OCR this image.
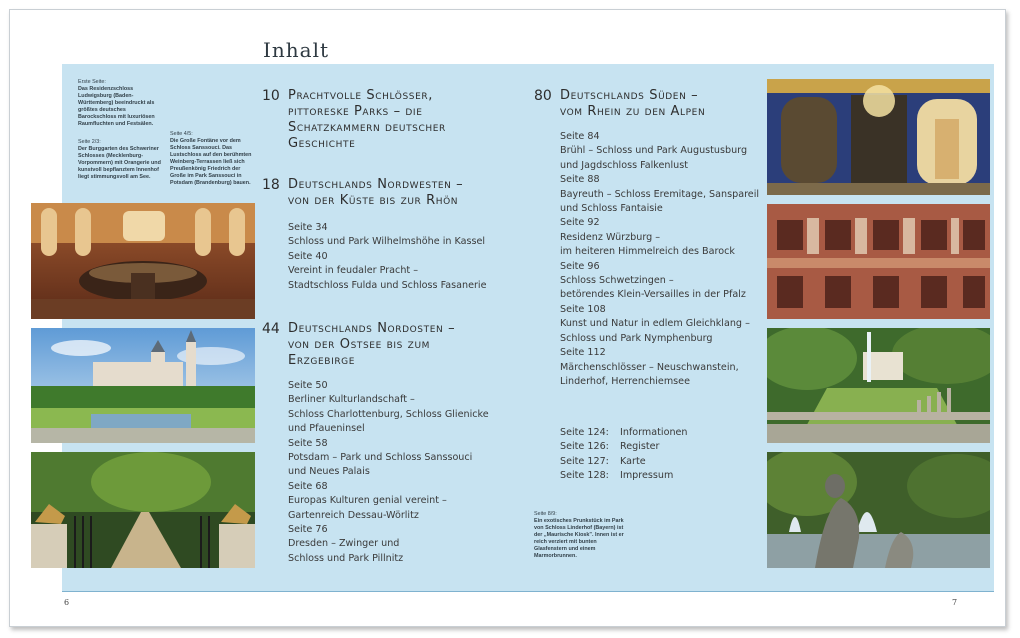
Inhalt
Erste Seite:
Das Residenzschloss Ludwigsburg (Baden-Württemberg) beeindruckt als größtes deutsches Barockschloss mit luxuriösen Raumfluchten und Festsälen.
Seite 2/3:
Der Burggarten des Schweriner Schlosses (Mecklenburg-Vorpommern) mit Orangerie und kunstvoll bepflanztem Innenhof liegt stimmungsvoll am See.
Seite 4/5:
Die Große Fontäne vor dem Schloss Sanssouci. Das Lustschloss auf den berühmten Weinberg-Terrassen ließ sich Preußenkönig Friedrich der Große im Park Sanssouci in Potsdam (Brandenburg) bauen.
10 Prachtvolle Schlösser,
pittoreske Parks – die
Schatzkammern deutscher
Geschichte
18 Deutschlands Nordwesten –
von der Küste bis zur Rhön
Seite 34
Schloss und Park Wilhelmshöhe in Kassel
Seite 40
Vereint in feudaler Pracht –
Stadtschloss Fulda und Schloss Fasanerie
44 Deutschlands Nordosten –
von der Ostsee bis zum
Erzgebirge
Seite 50
Berliner Kulturlandschaft –
Schloss Charlottenburg, Schloss Glienicke
und Pfaueninsel
Seite 58
Potsdam – Park und Schloss Sanssouci
und Neues Palais
Seite 68
Europas Kulturen genial vereint –
Gartenreich Dessau-Wörlitz
Seite 76
Dresden – Zwinger und
Schloss und Park Pillnitz
80 Deutschlands Süden –
vom Rhein zu den Alpen
Seite 84
Brühl – Schloss und Park Augustusburg
und Jagdschloss Falkenlust
Seite 88
Bayreuth – Schloss Eremitage, Sanspareil
und Schloss Fantaisie
Seite 92
Residenz Würzburg –
im heiteren Himmelreich des Barock
Seite 96
Schloss Schwetzingen –
betörendes Klein-Versailles in der Pfalz
Seite 108
Kunst und Natur in edlem Gleichklang –
Schloss und Park Nymphenburg
Seite 112
Märchenschlösser – Neuschwanstein,
Linderhof, Herrenchiemsee
Seite 124:	Informationen
Seite 126:	Register
Seite 127:	Karte
Seite 128:	Impressum
Seite 8/9:
Ein exotisches Prunkstück im Park von Schloss Linderhof (Bayern) ist der „Maurische Kiosk". Innen ist er reich verziert mit bunten Glasfenstern und einem Marmorbrunnen.
6	7
